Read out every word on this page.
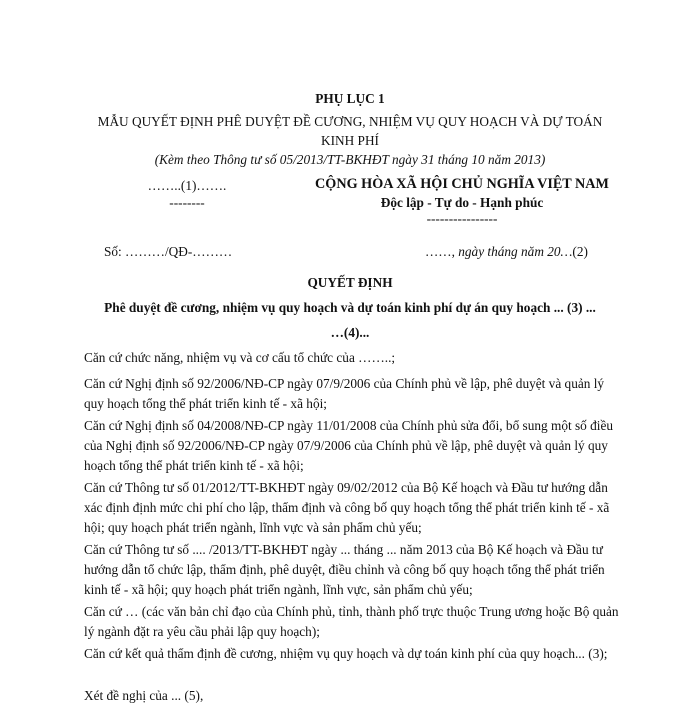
PHỤ LỤC 1
MẪU QUYẾT ĐỊNH PHÊ DUYỆT ĐỀ CƯƠNG, NHIỆM VỤ QUY HOẠCH VÀ DỰ TOÁN
KINH PHÍ
(Kèm theo Thông tư số 05/2013/TT-BKHĐT ngày 31 tháng 10 năm 2013)
……..(1)…….
--------
CỘNG HÒA XÃ HỘI CHỦ NGHĨA VIỆT NAM
Độc lập - Tự do - Hạnh phúc
----------------
Số: ………/QĐ-………	……, ngày tháng năm 20…(2)
QUYẾT ĐỊNH
Phê duyệt đề cương, nhiệm vụ quy hoạch và dự toán kinh phí dự án quy hoạch ... (3) ...
…(4)...
Căn cứ chức năng, nhiệm vụ và cơ cấu tổ chức của ……..;
Căn cứ Nghị định số 92/2006/NĐ-CP ngày 07/9/2006 của Chính phủ về lập, phê duyệt và quản lý quy hoạch tổng thể phát triển kinh tế - xã hội;
Căn cứ Nghị định số 04/2008/NĐ-CP ngày 11/01/2008 của Chính phủ sửa đổi, bổ sung một số điều của Nghị định số 92/2006/NĐ-CP ngày 07/9/2006 của Chính phủ về lập, phê duyệt và quản lý quy hoạch tổng thể phát triển kinh tế - xã hội;
Căn cứ Thông tư số 01/2012/TT-BKHĐT ngày 09/02/2012 của Bộ Kế hoạch và Đầu tư hướng dẫn xác định định mức chi phí cho lập, thẩm định và công bố quy hoạch tổng thể phát triển kinh tế - xã hội; quy hoạch phát triển ngành, lĩnh vực và sản phẩm chủ yếu;
Căn cứ Thông tư số .... /2013/TT-BKHĐT ngày ... tháng ... năm 2013 của Bộ Kế hoạch và Đầu tư hướng dẫn tổ chức lập, thẩm định, phê duyệt, điều chỉnh và công bố quy hoạch tổng thể phát triển kinh tế - xã hội; quy hoạch phát triển ngành, lĩnh vực, sản phẩm chủ yếu;
Căn cứ … (các văn bản chỉ đạo của Chính phủ, tỉnh, thành phố trực thuộc Trung ương hoặc Bộ quản lý ngành đặt ra yêu cầu phải lập quy hoạch);
Căn cứ kết quả thẩm định đề cương, nhiệm vụ quy hoạch và dự toán kinh phí của quy hoạch... (3);
Xét đề nghị của ... (5),
